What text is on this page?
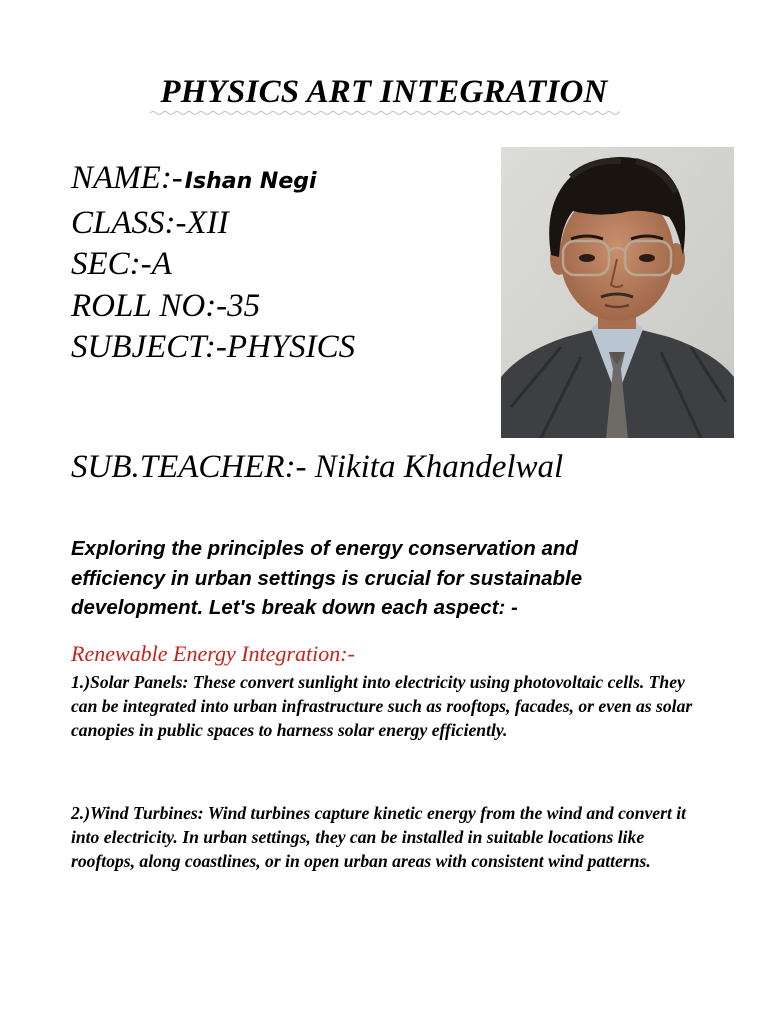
PHYSICS ART INTEGRATION
NAME:-Ishan Negi
CLASS:-XII
SEC:-A
ROLL NO:-35
SUBJECT:-PHYSICS
SUB.TEACHER:- Nikita Khandelwal
Exploring the principles of energy conservation and efficiency in urban settings is crucial for sustainable development. Let's break down each aspect: -
Renewable Energy Integration:-
1.)Solar Panels: These convert sunlight into electricity using photovoltaic cells. They can be integrated into urban infrastructure such as rooftops, facades, or even as solar canopies in public spaces to harness solar energy efficiently.
2.)Wind Turbines: Wind turbines capture kinetic energy from the wind and convert it into electricity. In urban settings, they can be installed in suitable locations like rooftops, along coastlines, or in open urban areas with consistent wind patterns.
